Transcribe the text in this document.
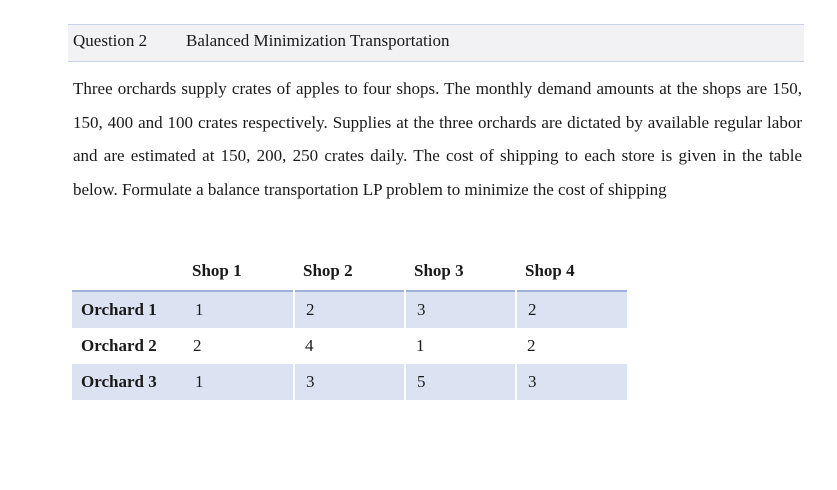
Question 2 Balanced Minimization Transportation
Three orchards supply crates of apples to four shops. The monthly demand amounts at the shops are 150, 150, 400 and 100 crates respectively. Supplies at the three orchards are dictated by available regular labor and are estimated at 150, 200, 250 crates daily. The cost of shipping to each store is given in the table below. Formulate a balance transportation LP problem to minimize the cost of shipping
	Shop 1	Shop 2	Shop 3	Shop 4
Orchard 1	1	2	3	2
Orchard 2	2	4	1	2
Orchard 3	1	3	5	3
